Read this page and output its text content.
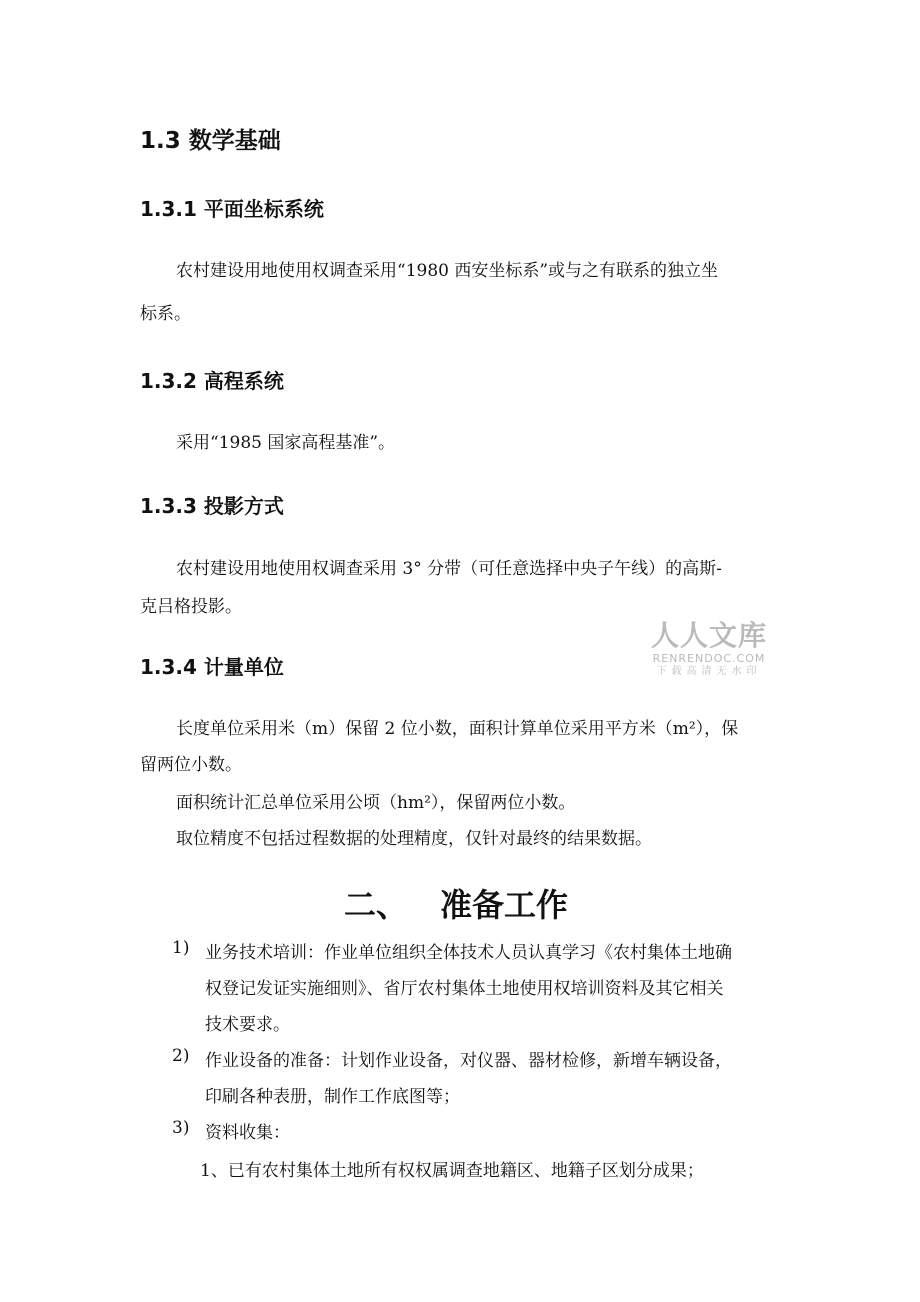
1.3 数学基础
1.3.1 平面坐标系统
农村建设用地使用权调查采用“1980 西安坐标系”或与之有联系的独立坐
标系。
1.3.2 高程系统
采用“1985 国家高程基准”。
1.3.3 投影方式
农村建设用地使用权调查采用 3° 分带（可任意选择中央子午线）的高斯-
克吕格投影。
人人文库
RENRENDOC.COM
下载高清无水印
1.3.4 计量单位
长度单位采用米（m）保留 2 位小数，面积计算单位采用平方米（m²），保
留两位小数。
面积统计汇总单位采用公顷（hm²），保留两位小数。
取位精度不包括过程数据的处理精度，仅针对最终的结果数据。
二、 准备工作
1) 业务技术培训：作业单位组织全体技术人员认真学习《农村集体土地确
权登记发证实施细则》、省厅农村集体土地使用权培训资料及其它相关
技术要求。
2) 作业设备的准备：计划作业设备，对仪器、器材检修，新增车辆设备，
印刷各种表册，制作工作底图等；
3) 资料收集：
1、已有农村集体土地所有权权属调查地籍区、地籍子区划分成果；
